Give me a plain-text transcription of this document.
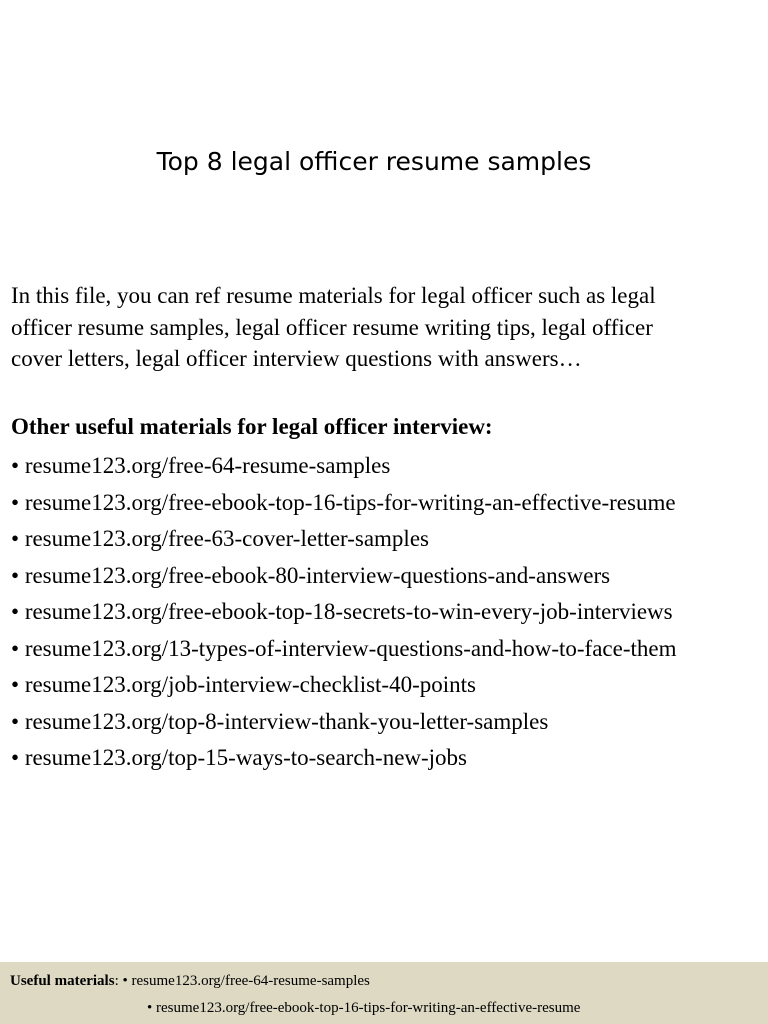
Top 8 legal officer resume samples
In this file, you can ref resume materials for legal officer such as legal
officer resume samples, legal officer resume writing tips, legal officer
cover letters, legal officer interview questions with answers…
Other useful materials for legal officer interview:
• resume123.org/free-64-resume-samples
• resume123.org/free-ebook-top-16-tips-for-writing-an-effective-resume
• resume123.org/free-63-cover-letter-samples
• resume123.org/free-ebook-80-interview-questions-and-answers
• resume123.org/free-ebook-top-18-secrets-to-win-every-job-interviews
• resume123.org/13-types-of-interview-questions-and-how-to-face-them
• resume123.org/job-interview-checklist-40-points
• resume123.org/top-8-interview-thank-you-letter-samples
• resume123.org/top-15-ways-to-search-new-jobs
Useful materials: • resume123.org/free-64-resume-samples
• resume123.org/free-ebook-top-16-tips-for-writing-an-effective-resume
